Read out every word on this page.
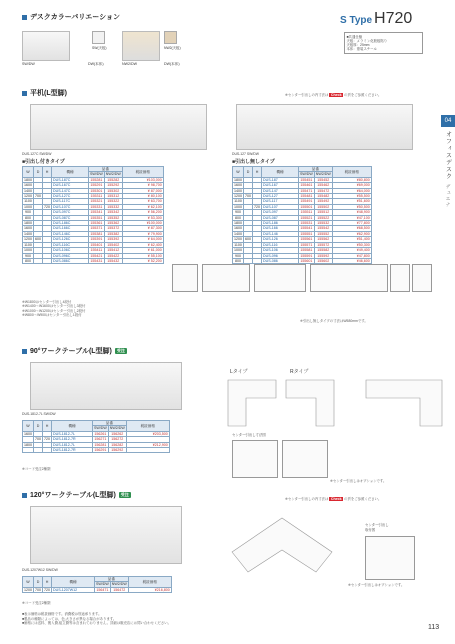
デスクカラーバリエーション
SW/DW
SW(天板)
DW(本体)	NW2/DW
NW2(天板)
DW(本体)
S Type H720
■共通仕様
天板：メラミン化粧板貼り
天板厚：25mm
本体：塗装スチール
04
オフィスデスク
デュエナ
平机(L型脚)	※センター引出しの内寸法は Check の頁をご参照ください。
DUS-127C SW/DW
■引出し付きタイプ
DUS-127 SW/DW
■引出し無しタイプ
W	D	H	機種	品番		税抜価格
				SW/DW	NW2/DW	
1800			DUS-187C	155281	155282	¥103,000
1600			DUS-167C	155291	155292	¥ 98,700
1400			DUS-147C	155301	155302	¥ 87,000
1200	700		DUS-127C	155311	155312	¥ 80,100
1100			DUS-117C	155321	155322	¥ 63,700
1000		720	DUS-107C	155331	155332	¥ 62,100
900			DUS-097C	155341	155342	¥ 56,200
800			DUS-087C	155351	155352	¥ 53,300
1800			DUS-186C	155361	155362	¥100,000
1600			DUS-166C	155371	155372	¥ 87,300
1400			DUS-146C	155381	155382	¥ 79,900
1200	600		DUS-126C	155391	155392	¥ 64,000
1100			DUS-116C	155401	155402	¥ 62,400
1000			DUS-106C	155411	155412	¥ 61,000
900			DUS-096C	155421	155422	¥ 55,100
800			DUS-086C	155431	155432	¥ 52,200
W	D	H	機種	品番		税抜価格
				SW/DW	NW2/DW	
1800			DUS-187	155451	155452	¥80,800
1600			DUS-167	155461	155462	¥69,000
1400			DUS-147	155471	155472	¥64,000
1200	700		DUS-127	155481	155482	¥55,500
1100			DUS-117	155491	155492	¥51,600
1000		720	DUS-107	155501	155502	¥50,500
900			DUS-097	155511	155512	¥48,900
800			DUS-087	155521	155522	¥47,100
1800			DUS-186	155531	155532	¥77,800
1600			DUS-166	155541	155542	¥68,500
1400			DUS-146	155551	155552	¥62,900
1200	600		DUS-126	155561	155562	¥51,400
1100			DUS-116	155571	155572	¥50,300
1000			DUS-106	155581	155582	¥49,400
900			DUS-096	155591	155592	¥47,800
800			DUS-086	155601	155602	¥46,600
※W1800はセンター引出し4段付
※W1400～W1600はセンター引出し3段付
※W1000～W1200はセンター引出し2段付
※W800～W900はセンター引出し1段付
※引出し無しタイプの寸法はW580mmです。
90°ワークテーブル(L型脚)	受注
Lタイプ	Rタイプ
DUS-1812-7L SW/DW
W	D	H	機種	品番		税抜価格
				SW/DW	NW2/DW	
1600			DUS-1812-7L	156261	156262	¥203,500
	700	720	DUS-1812-7R	156271	156272	
1800			DUS-1812-7L	156281	156282	¥212,900
			DUS-1812-7R	156291	156292	
※コード受注2種類
センター引出し寸法図
※センター引出しはオプションです。
120°ワークテーブル(L型脚)	受注
※センター引出しの内寸法は Check の頁をご参照ください。
センター引出し
取付図
※センター引出しはオプションです。
DUS-1207W12 SW/DW
W	D	H	機種	品番		税抜価格
				SW/DW	NW2/DW	
1200	700	720	DUS-1207W12	156471	156472	¥216,800
※コード受注2種類
■表示価格は税抜価格です。消費税は別途承ります。
■製品の種類によっては、色,大きさが異なる場合があります。
■価格には送料、搬入費,組立費等は含まれておりません。詳細は販売店にお問い合わせください。
113
